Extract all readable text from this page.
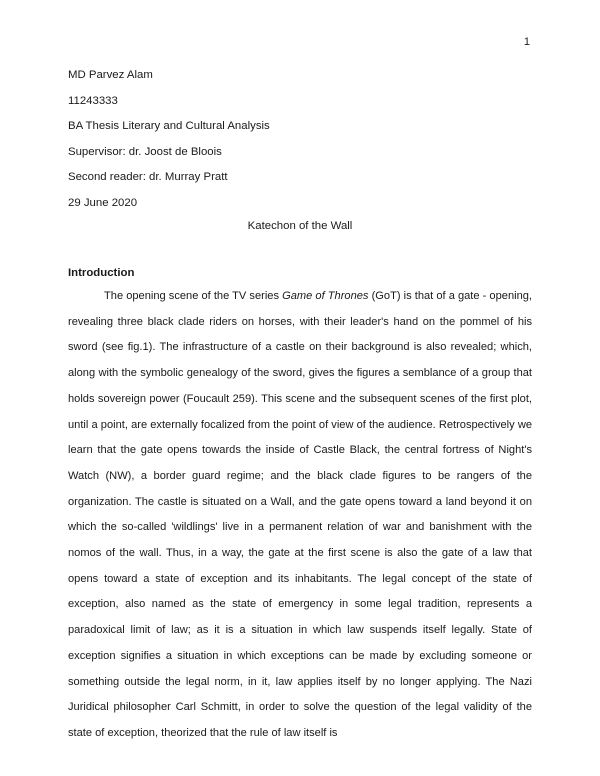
1
MD Parvez Alam
11243333
BA Thesis Literary and Cultural Analysis
Supervisor: dr. Joost de Bloois
Second reader: dr. Murray Pratt
29 June 2020
Katechon of the Wall
Introduction

The opening scene of the TV series Game of Thrones (GoT) is that of a gate - opening, revealing three black clade riders on horses, with their leader's hand on the pommel of his sword (see fig.1). The infrastructure of a castle on their background is also revealed; which, along with the symbolic genealogy of the sword, gives the figures a semblance of a group that holds sovereign power (Foucault 259). This scene and the subsequent scenes of the first plot, until a point, are externally focalized from the point of view of the audience. Retrospectively we learn that the gate opens towards the inside of Castle Black, the central fortress of Night's Watch (NW), a border guard regime; and the black clade figures to be rangers of the organization. The castle is situated on a Wall, and the gate opens toward a land beyond it on which the so-called 'wildlings' live in a permanent relation of war and banishment with the nomos of the wall. Thus, in a way, the gate at the first scene is also the gate of a law that opens toward a state of exception and its inhabitants. The legal concept of the state of exception, also named as the state of emergency in some legal tradition, represents a paradoxical limit of law; as it is a situation in which law suspends itself legally. State of exception signifies a situation in which exceptions can be made by excluding someone or something outside the legal norm, in it, law applies itself by no longer applying. The Nazi Juridical philosopher Carl Schmitt, in order to solve the question of the legal validity of the state of exception, theorized that the rule of law itself is
